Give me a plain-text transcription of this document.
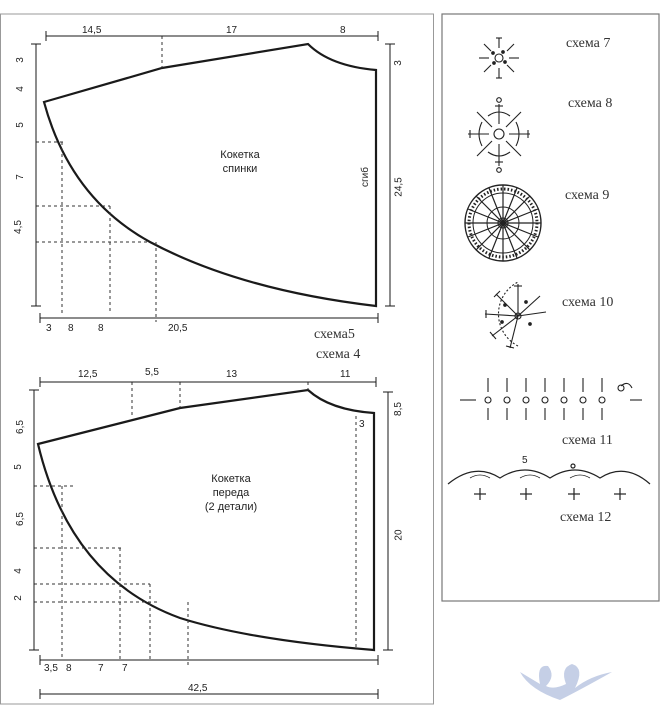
Кокетка
спинки	сгиб
14,5	17	8
3
4
5
7
4,5
3
24,5
3 8 8	20,5	схема5
схема 4
Кокетка
переда
(2 детали)
12,5	5,5	13	11
6,5
5
6,5
4
2
8,5
20
3
3,5 8	7 7
42,5
схема 7
схема 8
схема 9
схема 10
схема 11
5
схема 12
